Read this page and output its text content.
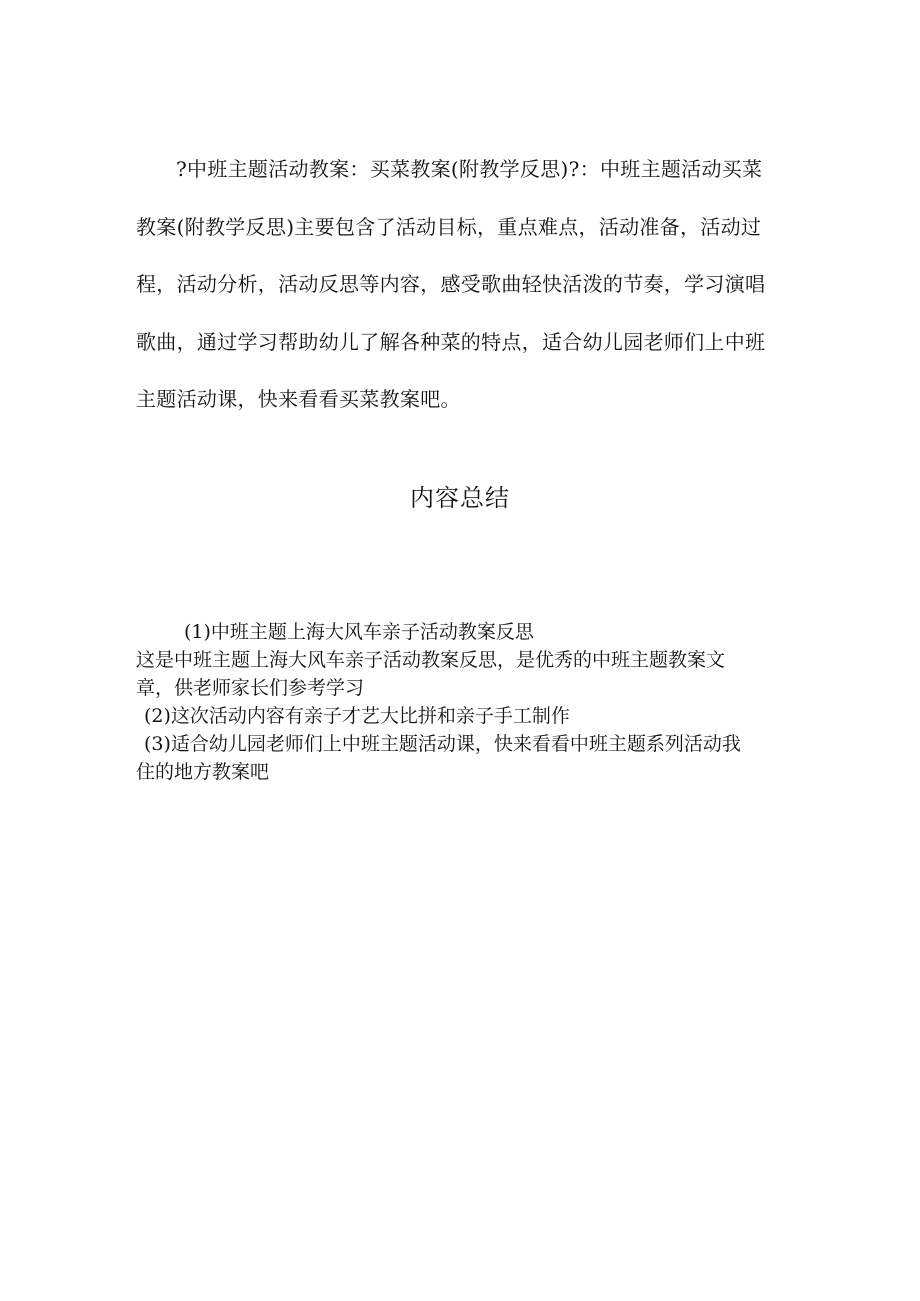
?中班主题活动教案：买菜教案(附教学反思)?：中班主题活动买菜教案(附教学反思)主要包含了活动目标，重点难点，活动准备，活动过程，活动分析，活动反思等内容，感受歌曲轻快活泼的节奏，学习演唱歌曲，通过学习帮助幼儿了解各种菜的特点，适合幼儿园老师们上中班主题活动课，快来看看买菜教案吧。

内容总结
(1)中班主题上海大风车亲子活动教案反思
这是中班主题上海大风车亲子活动教案反思，是优秀的中班主题教案文
章，供老师家长们参考学习
(2)这次活动内容有亲子才艺大比拼和亲子手工制作
(3)适合幼儿园老师们上中班主题活动课，快来看看中班主题系列活动我
住的地方教案吧
